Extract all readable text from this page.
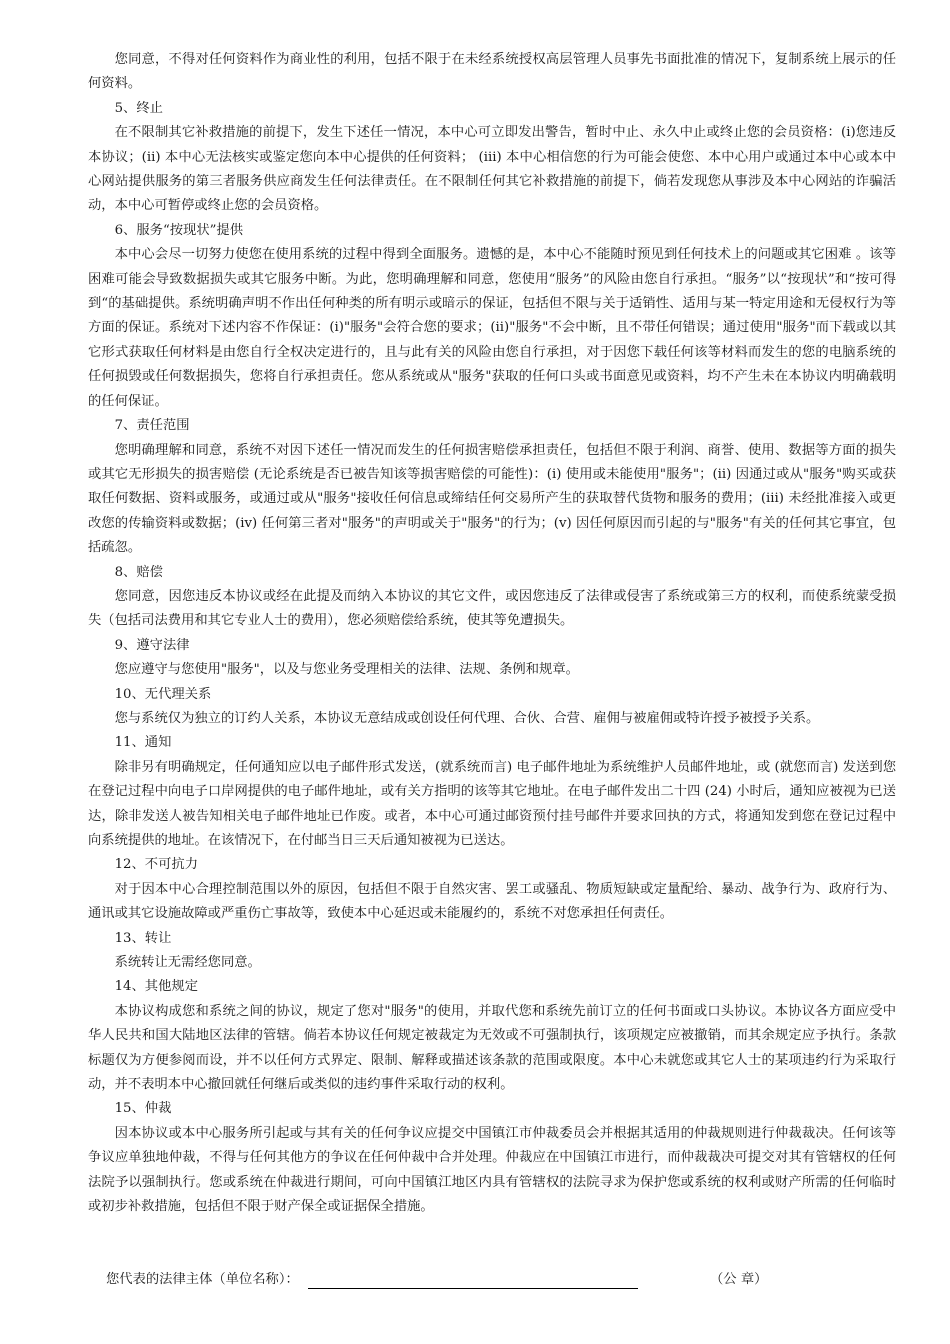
您同意，不得对任何资料作为商业性的利用，包括不限于在未经系统授权高层管理人员事先书面批准的情况下，复制系统上展示的任何资料。

5、终止

在不限制其它补救措施的前提下，发生下述任一情况，本中心可立即发出警告，暂时中止、永久中止或终止您的会员资格：(i)您违反本协议；(ii) 本中心无法核实或鉴定您向本中心提供的任何资料； (iii) 本中心相信您的行为可能会使您、本中心用户或通过本中心或本中心网站提供服务的第三者服务供应商发生任何法律责任。在不限制任何其它补救措施的前提下，倘若发现您从事涉及本中心网站的诈骗活动，本中心可暂停或终止您的会员资格。

6、服务“按现状”提供

本中心会尽一切努力使您在使用系统的过程中得到全面服务。遗憾的是，本中心不能随时预见到任何技术上的问题或其它困难 。该等困难可能会导致数据损失或其它服务中断。为此，您明确理解和同意，您使用“服务”的风险由您自行承担。“服务”以“按现状”和“按可得到“的基础提供。系统明确声明不作出任何种类的所有明示或暗示的保证，包括但不限与关于适销性、适用与某一特定用途和无侵权行为等方面的保证。系统对下述内容不作保证：(i)"服务"会符合您的要求；(ii)"服务"不会中断，且不带任何错误；通过使用"服务"而下载或以其它形式获取任何材料是由您自行全权决定进行的，且与此有关的风险由您自行承担，对于因您下载任何该等材料而发生的您的电脑系统的任何损毁或任何数据损失，您将自行承担责任。您从系统或从"服务"获取的任何口头或书面意见或资料，均不产生未在本协议内明确载明的任何保证。

7、责任范围

您明确理解和同意，系统不对因下述任一情况而发生的任何损害赔偿承担责任，包括但不限于利润、商誉、使用、数据等方面的损失或其它无形损失的损害赔偿 (无论系统是否已被告知该等损害赔偿的可能性)：(i) 使用或未能使用"服务"；(ii) 因通过或从"服务"购买或获取任何数据、资料或服务，或通过或从"服务"接收任何信息或缔结任何交易所产生的获取替代货物和服务的费用；(iii) 未经批准接入或更改您的传输资料或数据；(iv) 任何第三者对"服务"的声明或关于"服务"的行为；(v) 因任何原因而引起的与"服务"有关的任何其它事宜，包括疏忽。

8、赔偿

您同意，因您违反本协议或经在此提及而纳入本协议的其它文件，或因您违反了法律或侵害了系统或第三方的权利，而使系统蒙受损失（包括司法费用和其它专业人士的费用），您必须赔偿给系统，使其等免遭损失。

9、遵守法律

您应遵守与您使用"服务"，以及与您业务受理相关的法律、法规、条例和规章。

10、无代理关系

您与系统仅为独立的订约人关系，本协议无意结成或创设任何代理、合伙、合营、雇佣与被雇佣或特许授予被授予关系。

11、通知

除非另有明确规定，任何通知应以电子邮件形式发送，(就系统而言) 电子邮件地址为系统维护人员邮件地址，或 (就您而言) 发送到您在登记过程中向电子口岸网提供的电子邮件地址，或有关方指明的该等其它地址。在电子邮件发出二十四 (24) 小时后，通知应被视为已送达，除非发送人被告知相关电子邮件地址已作废。或者，本中心可通过邮资预付挂号邮件并要求回执的方式，将通知发到您在登记过程中向系统提供的地址。在该情况下，在付邮当日三天后通知被视为已送达。

12、不可抗力

对于因本中心合理控制范围以外的原因，包括但不限于自然灾害、罢工或骚乱、物质短缺或定量配给、暴动、战争行为、政府行为、通讯或其它设施故障或严重伤亡事故等，致使本中心延迟或未能履约的，系统不对您承担任何责任。

13、转让

系统转让无需经您同意。

14、其他规定

本协议构成您和系统之间的协议，规定了您对"服务"的使用，并取代您和系统先前订立的任何书面或口头协议。本协议各方面应受中华人民共和国大陆地区法律的管辖。倘若本协议任何规定被裁定为无效或不可强制执行，该项规定应被撤销，而其余规定应予执行。条款标题仅为方便参阅而设，并不以任何方式界定、限制、解释或描述该条款的范围或限度。本中心未就您或其它人士的某项违约行为采取行动，并不表明本中心撤回就任何继后或类似的违约事件采取行动的权利。

15、仲裁

因本协议或本中心服务所引起或与其有关的任何争议应提交中国镇江市仲裁委员会并根据其适用的仲裁规则进行仲裁裁决。任何该等争议应单独地仲裁，不得与任何其他方的争议在任何仲裁中合并处理。仲裁应在中国镇江市进行，而仲裁裁决可提交对其有管辖权的任何法院予以强制执行。您或系统在仲裁进行期间，可向中国镇江地区内具有管辖权的法院寻求为保护您或系统的权利或财产所需的任何临时或初步补救措施，包括但不限于财产保全或证据保全措施。

您代表的法律主体（单位名称）：	（公 章）
